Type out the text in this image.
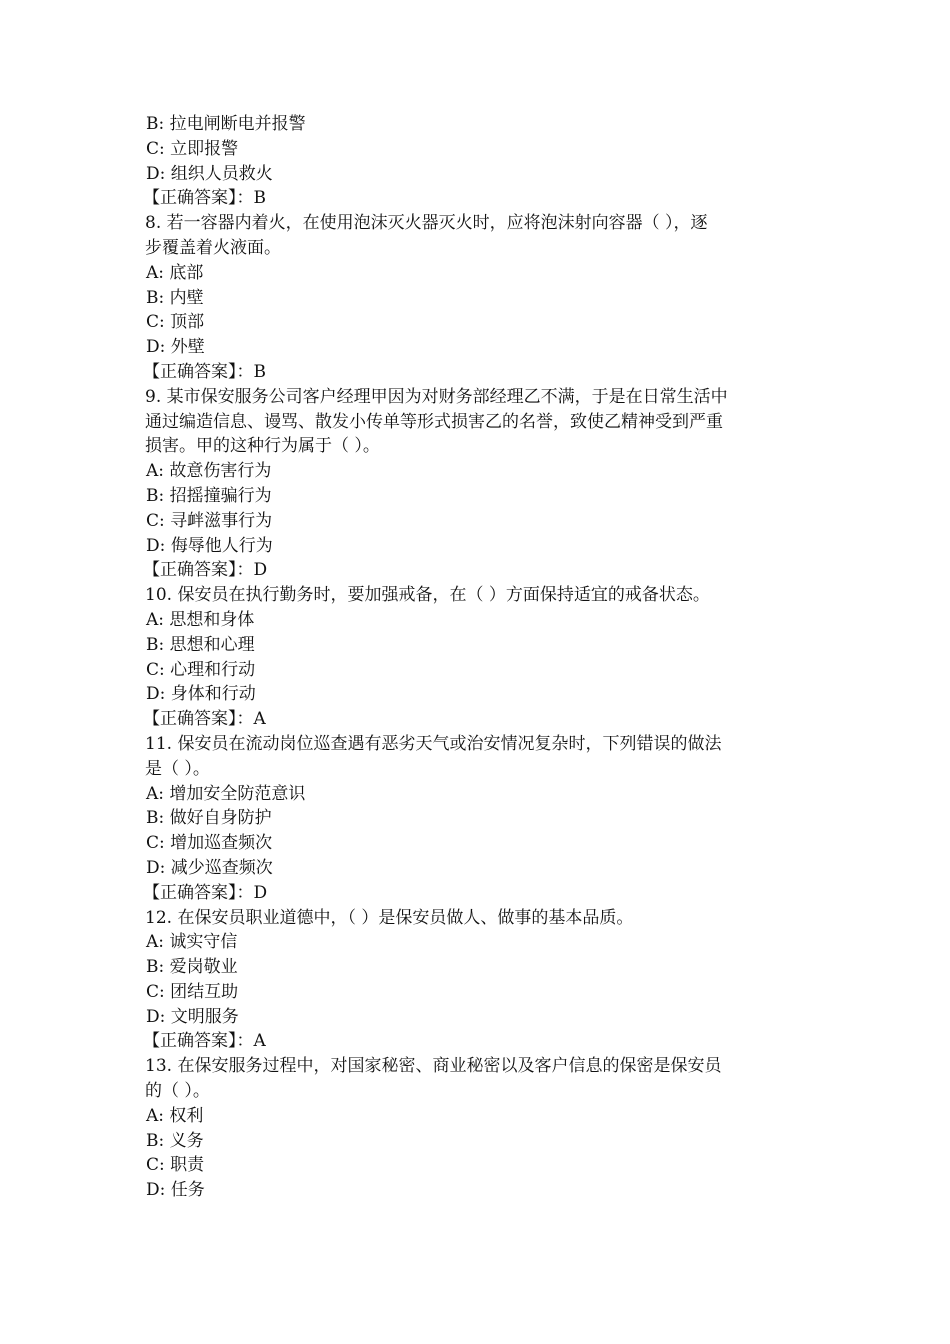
B: 拉电闸断电并报警
C: 立即报警
D: 组织人员救火
【正确答案】：B
8. 若一容器内着火，在使用泡沫灭火器灭火时，应将泡沫射向容器（ ），逐
步覆盖着火液面。
A: 底部
B: 内壁
C: 顶部
D: 外壁
【正确答案】：B
9. 某市保安服务公司客户经理甲因为对财务部经理乙不满，于是在日常生活中
通过编造信息、谩骂、散发小传单等形式损害乙的名誉，致使乙精神受到严重
损害。甲的这种行为属于（ ）。
A: 故意伤害行为
B: 招摇撞骗行为
C: 寻衅滋事行为
D: 侮辱他人行为
【正确答案】：D
10. 保安员在执行勤务时，要加强戒备，在（ ）方面保持适宜的戒备状态。
A: 思想和身体
B: 思想和心理
C: 心理和行动
D: 身体和行动
【正确答案】：A
11. 保安员在流动岗位巡查遇有恶劣天气或治安情况复杂时，下列错误的做法
是（ ）。
A: 增加安全防范意识
B: 做好自身防护
C: 增加巡查频次
D: 减少巡查频次
【正确答案】：D
12. 在保安员职业道德中，（ ）是保安员做人、做事的基本品质。
A: 诚实守信
B: 爱岗敬业
C: 团结互助
D: 文明服务
【正确答案】：A
13. 在保安服务过程中，对国家秘密、商业秘密以及客户信息的保密是保安员
的（ ）。
A: 权利
B: 义务
C: 职责
D: 任务
